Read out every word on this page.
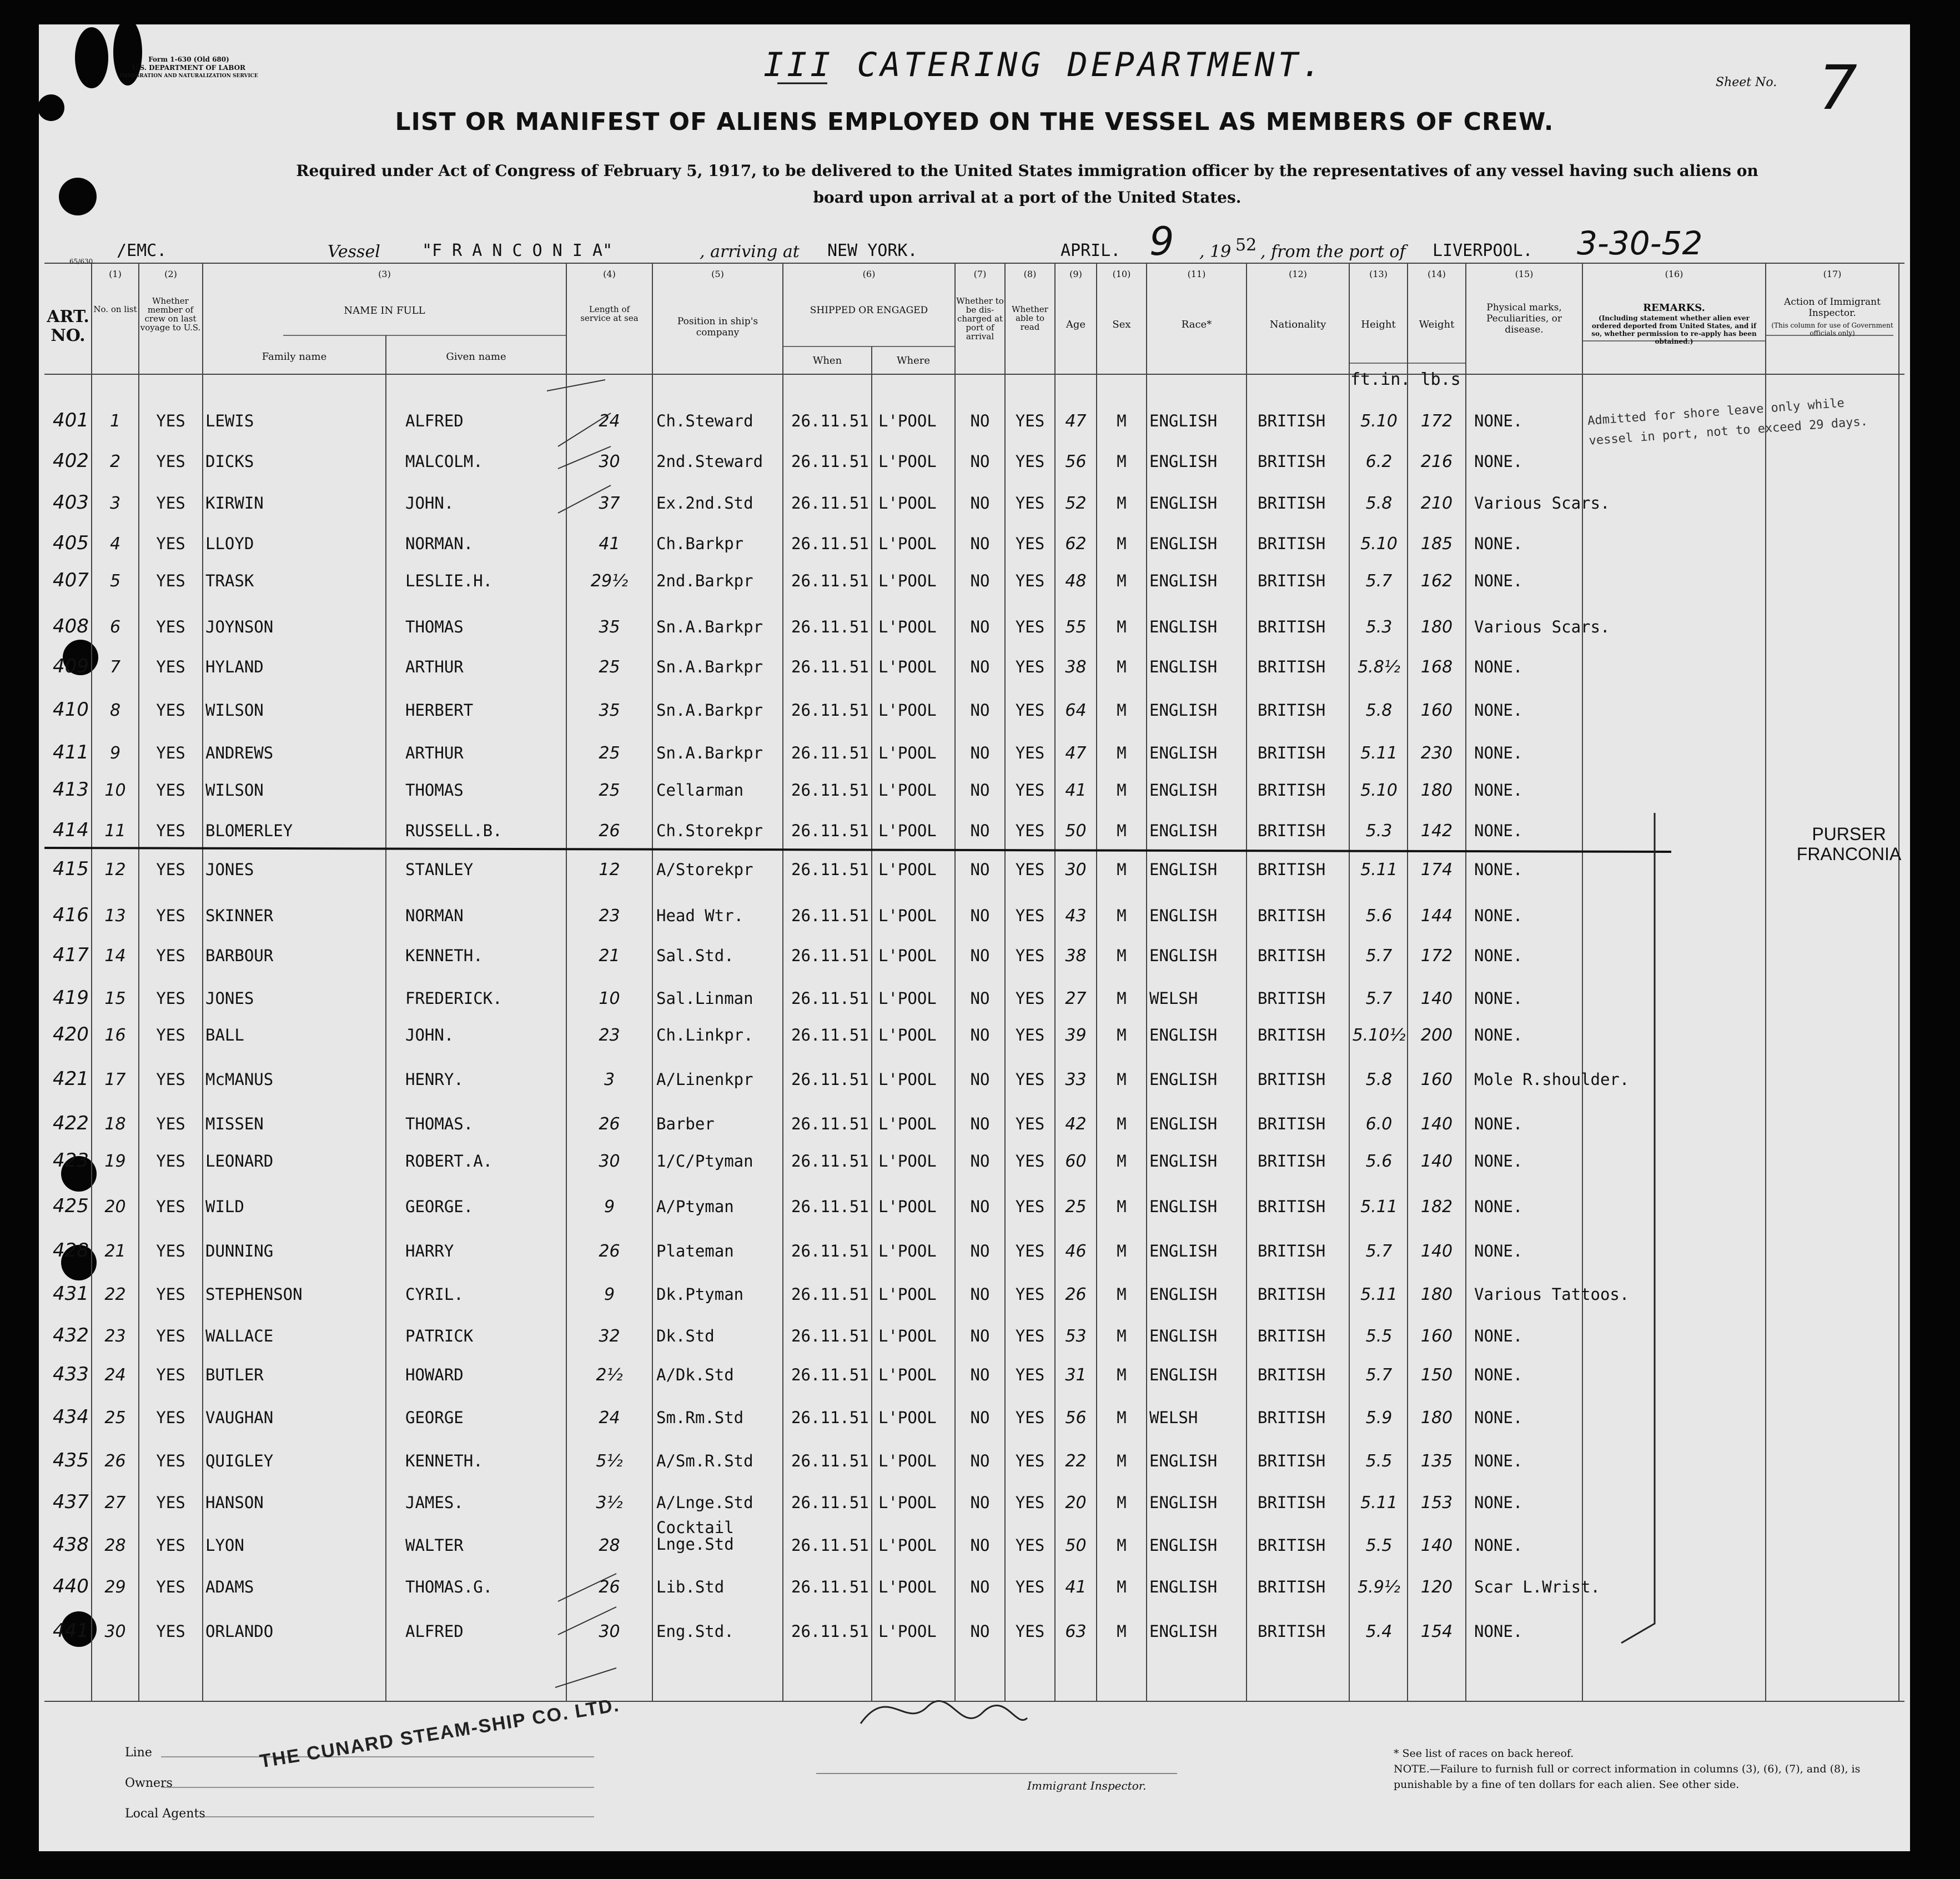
Form 1-630 (Old 680)
U.S. DEPARTMENT OF LABOR
IMMIGRATION AND NATURALIZATION SERVICE	III CATERING DEPARTMENT.	Sheet No. 7
LIST OR MANIFEST OF ALIENS EMPLOYED ON THE VESSEL AS MEMBERS OF CREW.
Required under Act of Congress of February 5, 1917, to be delivered to the United States immigration officer by the representatives of any vessel having such aliens on board upon arrival at a port of the United States.
65/630.
/EMC.	Vessel	"F R A N C O N I A"	, arriving at NEW YORK.	APRIL. 9 , 19 52 , from the port of LIVERPOOL. 3-30-52
(1)	(2)	(3)	(4)	(5)	(6)	(7)	(8)	(9)	(10)	(11)	(12)	(13)	(14)	(15)	(16)	(17)
ART. NO.
No. on list
Whether member of crew on last voyage to U.S.
NAME IN FULL
Family name	Given name
Length of service at sea	Position in ship's company
SHIPPED OR ENGAGED
When	Where
Whether to be dis-charged at port of arrival
Whether able to read	Age	Sex	Race*	Nationality	Height	Weight
ft.in. lb.s
Physical marks, Peculiarities, or disease.
REMARKS.
(Including statement whether alien ever ordered deported from United States, and if so, whether permission to re-apply has been obtained.)
Action of Immigrant Inspector.
(This column for use of Government officials only)
401	1	YES	LEWIS	ALFRED	24	Ch.Steward 26.11.51 L'POOL	NO	YES	47	M	ENGLISH	BRITISH	5.10	172	NONE.
402	2	YES	DICKS	MALCOLM.	30	2nd.Steward 26.11.51 L'POOL	NO	YES	56	M	ENGLISH	BRITISH	6.2	216	NONE.
403	3	YES	KIRWIN	JOHN.	37	Ex.2nd.Std 26.11.51 L'POOL	NO	YES	52	M	ENGLISH	BRITISH	5.8	210	Various Scars.
405	4	YES	LLOYD	NORMAN.	41	Ch.Barkpr	26.11.51 L'POOL	NO	YES	62	M	ENGLISH	BRITISH	5.10	185	NONE.
407	5	YES	TRASK	LESLIE.H.	29½	2nd.Barkpr 26.11.51 L'POOL	NO	YES	48	M	ENGLISH	BRITISH	5.7	162	NONE.
408	6	YES	JOYNSON	THOMAS	35	Sn.A.Barkpr 26.11.51 L'POOL	NO	YES	55	M	ENGLISH	BRITISH	5.3	180	Various Scars.
409	7	YES	HYLAND	ARTHUR	25	Sn.A.Barkpr 26.11.51 L'POOL	NO	YES	38	M	ENGLISH	BRITISH	5.8½	168	NONE.
410	8	YES	WILSON	HERBERT	35	Sn.A.Barkpr 26.11.51 L'POOL	NO	YES	64	M	ENGLISH	BRITISH	5.8	160	NONE.
411	9	YES	ANDREWS	ARTHUR	25	Sn.A.Barkpr 26.11.51 L'POOL	NO	YES	47	M	ENGLISH	BRITISH	5.11	230	NONE.
413 10	YES	WILSON	THOMAS	25	Cellarman	26.11.51 L'POOL	NO	YES	41	M	ENGLISH	BRITISH	5.10	180	NONE.
414 11	YES	BLOMERLEY	RUSSELL.B.	26	Ch.Storekpr 26.11.51 L'POOL	NO	YES	50	M	ENGLISH	BRITISH	5.3	142	NONE.
415 12	YES	JONES	STANLEY	12	A/Storekpr 26.11.51 L'POOL	NO	YES	30	M	ENGLISH	BRITISH	5.11	174	NONE.
416 13	YES	SKINNER	NORMAN	23	Head Wtr.	26.11.51 L'POOL	NO	YES	43	M	ENGLISH	BRITISH	5.6	144	NONE.
417 14	YES	BARBOUR	KENNETH.	21	Sal.Std.	26.11.51 L'POOL	NO	YES	38	M	ENGLISH	BRITISH	5.7	172	NONE.
419 15	YES	JONES	FREDERICK.	10	Sal.Linman 26.11.51 L'POOL	NO	YES	27	M	WELSH	BRITISH	5.7	140	NONE.
420 16	YES	BALL	JOHN.	23	Ch.Linkpr. 26.11.51 L'POOL	NO	YES	39	M	ENGLISH	BRITISH 5.10½ 200	NONE.
421 17	YES	McMANUS	HENRY.	3	A/Linenkpr 26.11.51 L'POOL	NO	YES	33	M	ENGLISH	BRITISH	5.8	160	Mole R.shoulder.
422 18	YES	MISSEN	THOMAS.	26	Barber	26.11.51 L'POOL	NO	YES	42	M	ENGLISH	BRITISH	6.0	140	NONE.
423 19	YES	LEONARD	ROBERT.A.	30	1/C/Ptyman 26.11.51 L'POOL	NO	YES	60	M	ENGLISH	BRITISH	5.6	140	NONE.
425 20	YES	WILD	GEORGE.	9	A/Ptyman	26.11.51 L'POOL	NO	YES	25	M	ENGLISH	BRITISH	5.11	182	NONE.
428 21	YES	DUNNING	HARRY	26	Plateman	26.11.51 L'POOL	NO	YES	46	M	ENGLISH	BRITISH	5.7	140	NONE.
431 22	YES	STEPHENSON	CYRIL.	9	Dk.Ptyman	26.11.51 L'POOL	NO	YES	26	M	ENGLISH	BRITISH	5.11	180	Various Tattoos.
432 23	YES	WALLACE	PATRICK	32	Dk.Std	26.11.51 L'POOL	NO	YES	53	M	ENGLISH	BRITISH	5.5	160	NONE.
433 24	YES	BUTLER	HOWARD	2½	A/Dk.Std	26.11.51 L'POOL	NO	YES	31	M	ENGLISH	BRITISH	5.7	150	NONE.
434 25	YES	VAUGHAN	GEORGE	24	Sm.Rm.Std	26.11.51 L'POOL	NO	YES	56	M	WELSH	BRITISH	5.9	180	NONE.
435 26	YES	QUIGLEY	KENNETH.	5½	A/Sm.R.Std 26.11.51 L'POOL	NO	YES	22	M	ENGLISH	BRITISH	5.5	135	NONE.
437 27	YES	HANSON	JAMES.	3½	A/Lnge.Std 26.11.51 L'POOL	NO	YES	20	M	ENGLISH	BRITISH	5.11	153	NONE.
438 28	YES	LYON	WALTER	28
Cocktail
Lnge.Std	26.11.51 L'POOL	NO	YES	50	M	ENGLISH	BRITISH	5.5	140	NONE.
440 29	YES	ADAMS	THOMAS.G.	26	Lib.Std	26.11.51 L'POOL	NO	YES	41	M	ENGLISH	BRITISH	5.9½	120	Scar L.Wrist.
441 30	YES	ORLANDO	ALFRED	30	Eng.Std.	26.11.51 L'POOL	NO	YES	63	M	ENGLISH	BRITISH	5.4	154	NONE.
Admitted for shore leave only while vessel in port, not to exceed 29 days.
PURSER
FRANCONIA
Line
Owners
Local Agents
THE CUNARD STEAM-SHIP CO. LTD.
Immigrant Inspector.
* See list of races on back hereof.
NOTE.—Failure to furnish full or correct information in columns (3), (6), (7), and (8), is punishable by a fine of ten dollars for each alien. See other side.
